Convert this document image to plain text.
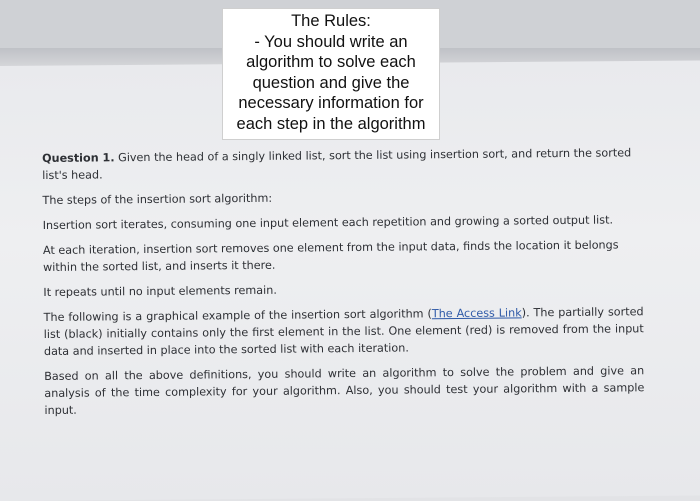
The Rules:
- You should write an
algorithm to solve each
question and give the
necessary information for
each step in the algorithm

Question 1. Given the head of a singly linked list, sort the list using insertion sort, and return the sorted
list's head.

The steps of the insertion sort algorithm:

Insertion sort iterates, consuming one input element each repetition and growing a sorted output list.

At each iteration, insertion sort removes one element from the input data, finds the location it belongs
within the sorted list, and inserts it there.

It repeats until no input elements remain.

The following is a graphical example of the insertion sort algorithm (The Access Link). The partially sorted list (black) initially contains only the first element in the list. One element (red) is removed from the input data and inserted in place into the sorted list with each iteration.

Based on all the above definitions, you should write an algorithm to solve the problem and give an analysis of the time complexity for your algorithm. Also, you should test your algorithm with a sample input.
